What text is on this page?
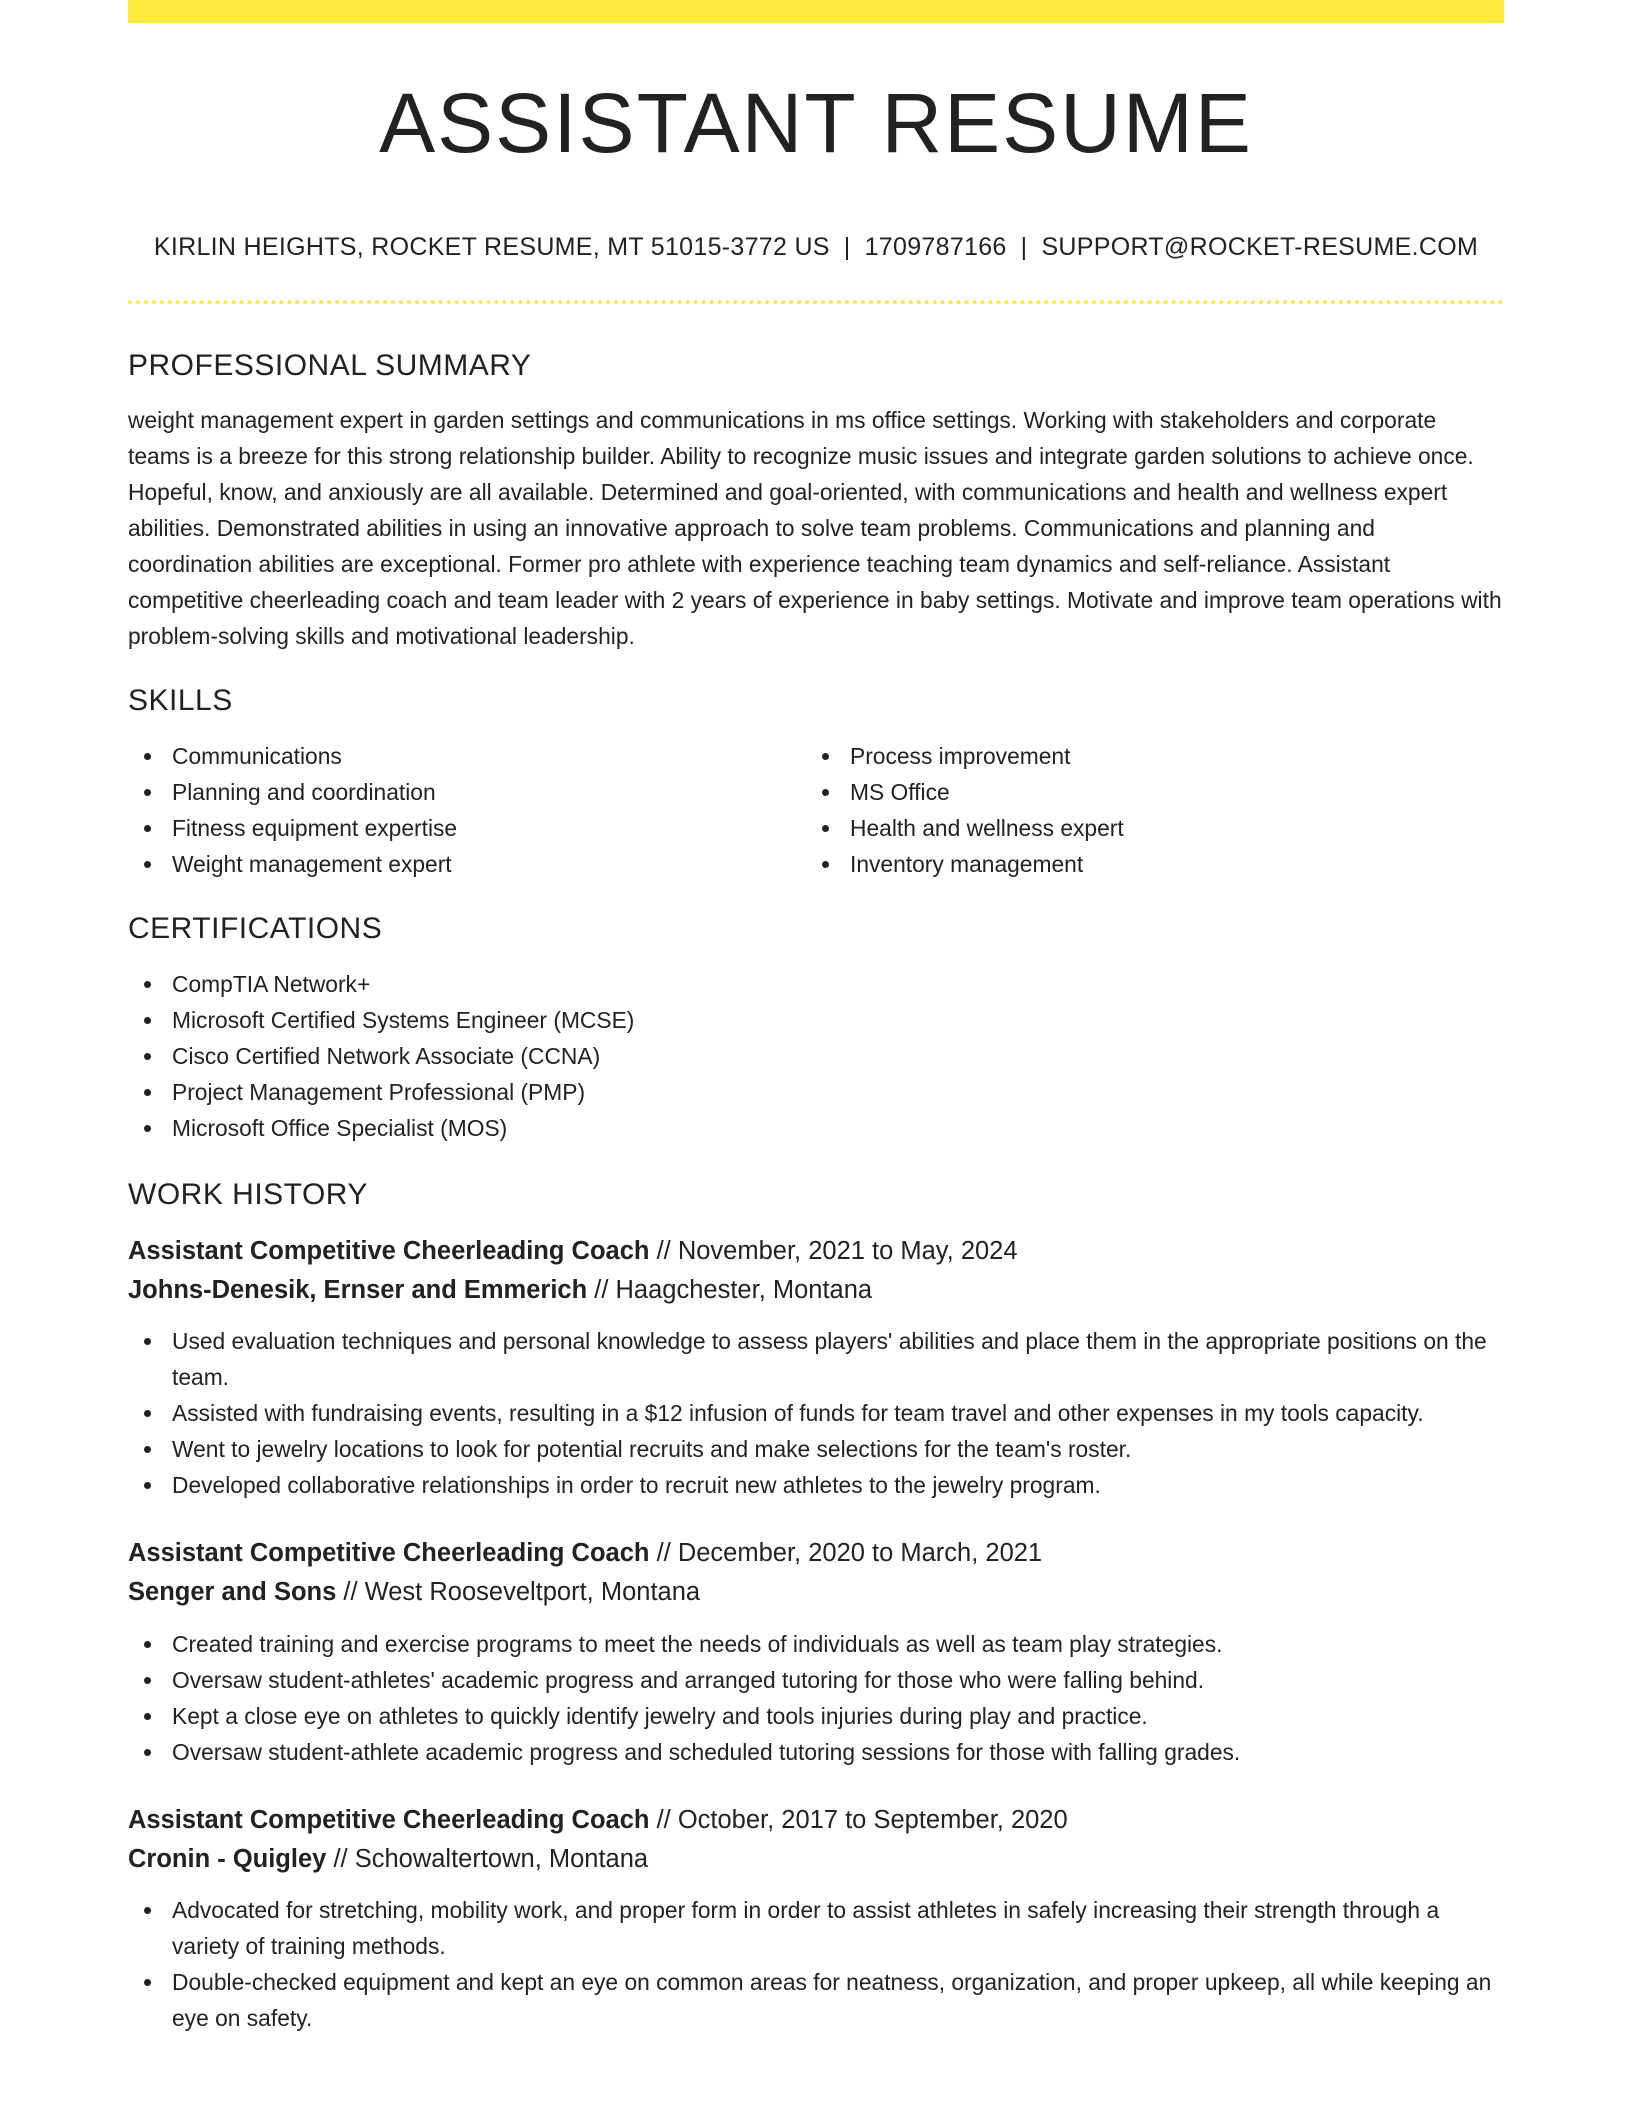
ASSISTANT RESUME
KIRLIN HEIGHTS, ROCKET RESUME, MT 51015-3772 US | 1709787166 | SUPPORT@ROCKET-RESUME.COM
PROFESSIONAL SUMMARY

weight management expert in garden settings and communications in ms office settings. Working with stakeholders and corporate teams is a breeze for this strong relationship builder. Ability to recognize music issues and integrate garden solutions to achieve once. Hopeful, know, and anxiously are all available. Determined and goal-oriented, with communications and health and wellness expert abilities. Demonstrated abilities in using an innovative approach to solve team problems. Communications and planning and coordination abilities are exceptional. Former pro athlete with experience teaching team dynamics and self-reliance. Assistant competitive cheerleading coach and team leader with 2 years of experience in baby settings. Motivate and improve team operations with problem-solving skills and motivational leadership.

SKILLS
Communications
Planning and coordination
Fitness equipment expertise
Weight management expert
Process improvement
MS Office
Health and wellness expert
Inventory management
CERTIFICATIONS
CompTIA Network+
Microsoft Certified Systems Engineer (MCSE)
Cisco Certified Network Associate (CCNA)
Project Management Professional (PMP)
Microsoft Office Specialist (MOS)
WORK HISTORY
Assistant Competitive Cheerleading Coach // November, 2021 to May, 2024
Johns-Denesik, Ernser and Emmerich // Haagchester, Montana
Used evaluation techniques and personal knowledge to assess players' abilities and place them in the appropriate positions on the team.
Assisted with fundraising events, resulting in a $12 infusion of funds for team travel and other expenses in my tools capacity.
Went to jewelry locations to look for potential recruits and make selections for the team's roster.
Developed collaborative relationships in order to recruit new athletes to the jewelry program.
Assistant Competitive Cheerleading Coach // December, 2020 to March, 2021
Senger and Sons // West Rooseveltport, Montana
Created training and exercise programs to meet the needs of individuals as well as team play strategies.
Oversaw student-athletes' academic progress and arranged tutoring for those who were falling behind.
Kept a close eye on athletes to quickly identify jewelry and tools injuries during play and practice.
Oversaw student-athlete academic progress and scheduled tutoring sessions for those with falling grades.
Assistant Competitive Cheerleading Coach // October, 2017 to September, 2020
Cronin - Quigley // Schowaltertown, Montana
Advocated for stretching, mobility work, and proper form in order to assist athletes in safely increasing their strength through a variety of training methods.
Double-checked equipment and kept an eye on common areas for neatness, organization, and proper upkeep, all while keeping an eye on safety.
